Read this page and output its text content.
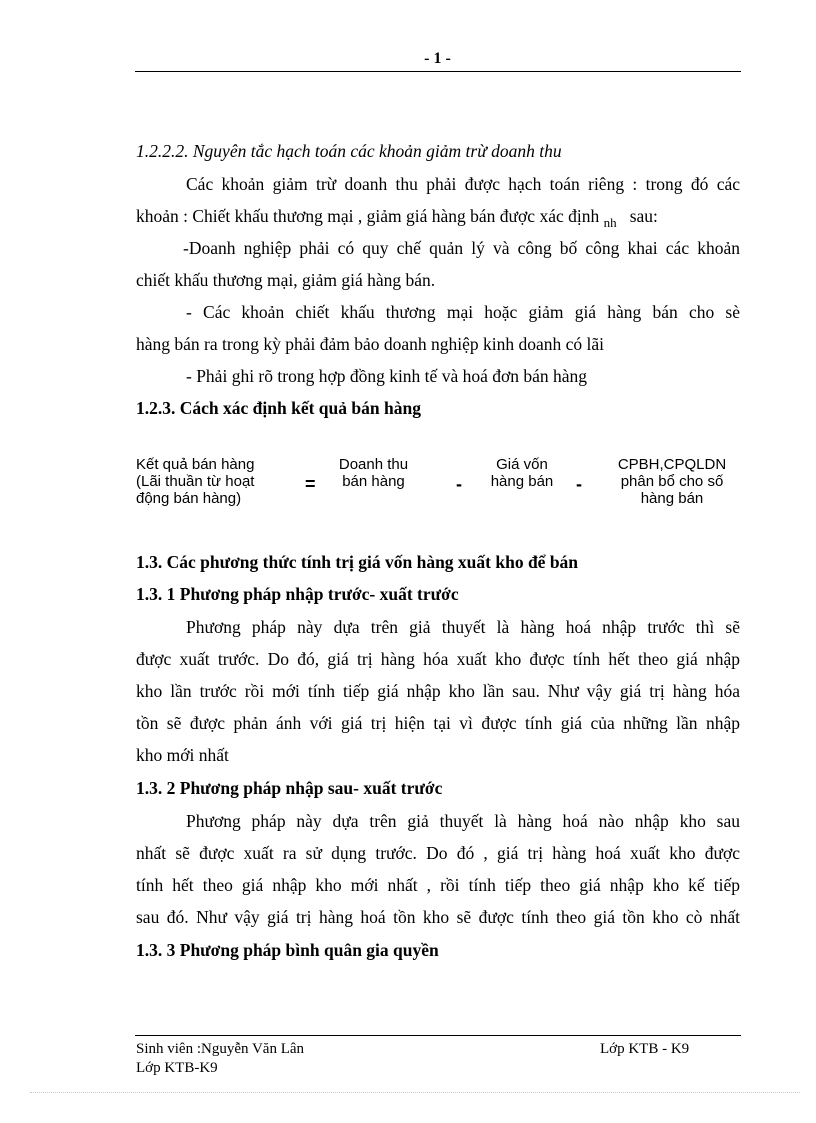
- 1 -
1.2.2.2. Nguyên tắc hạch toán các khoản giảm trừ doanh thu
Các khoản giảm trừ doanh thu phải được hạch toán riêng : trong đó các
khoản : Chiết khấu thương mại , giảm giá hàng bán được xác định $_{nh}$ sau:
-Doanh nghiệp phải có quy chế quản lý và công bố công khai các khoản
chiết khấu thương mại, giảm giá hàng bán.
- Các khoản chiết khấu thương mại hoặc giảm giá hàng bán cho sè
hàng bán ra trong kỳ phải đảm bảo doanh nghiệp kinh doanh có lãi
- Phải ghi rõ trong hợp đồng kinh tế và hoá đơn bán hàng
1.2.3. Cách xác định kết quả bán hàng
Kết quả bán hàng
(Lãi thuần từ hoạt
động bán hàng)
=
Doanh thu
bán hàng	-
Giá vốn
hàng bán	-
CPBH,CPQLDN
phân bổ cho số
hàng bán
1.3. Các phương thức tính trị giá vốn hàng xuất kho để bán
1.3. 1 Phương pháp nhập trước- xuất trước
Phương pháp này dựa trên giả thuyết là hàng hoá nhập trước thì sẽ
được xuất trước. Do đó, giá trị hàng hóa xuất kho được tính hết theo giá nhập
kho lần trước rồi mới tính tiếp giá nhập kho lần sau. Như vậy giá trị hàng hóa
tồn sẽ được phản ánh với giá trị hiện tại vì được tính giá của những lần nhập
kho mới nhất
1.3. 2 Phương pháp nhập sau- xuất trước
Phương pháp này dựa trên giả thuyết là hàng hoá nào nhập kho sau
nhất sẽ được xuất ra sử dụng trước. Do đó , giá trị hàng hoá xuất kho được
tính hết theo giá nhập kho mới nhất , rồi tính tiếp theo giá nhập kho kế tiếp
sau đó. Như vậy giá trị hàng hoá tồn kho sẽ được tính theo giá tồn kho cò nhất
1.3. 3 Phương pháp bình quân gia quyền
Sinh viên :Nguyễn Văn Lân	Lớp KTB - K9
Lớp KTB-K9
